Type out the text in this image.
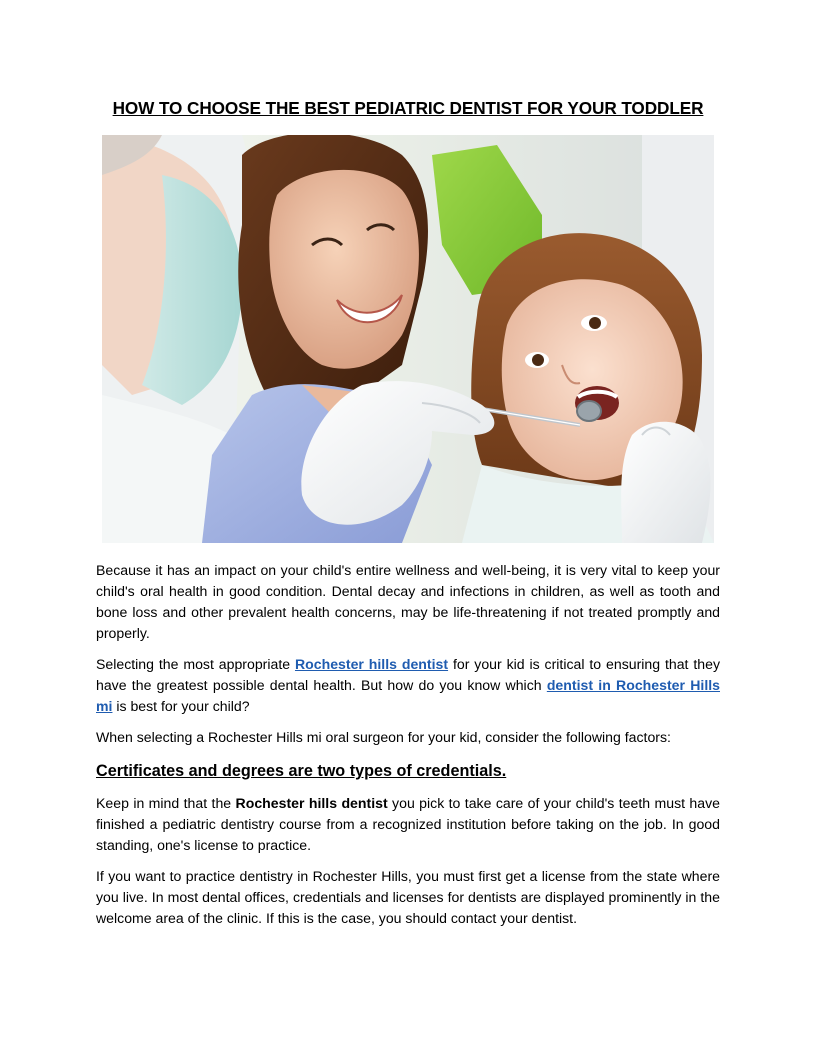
HOW TO CHOOSE THE BEST PEDIATRIC DENTIST FOR YOUR TODDLER

Because it has an impact on your child's entire wellness and well-being, it is very vital to keep your child's oral health in good condition. Dental decay and infections in children, as well as tooth and bone loss and other prevalent health concerns, may be life-threatening if not treated promptly and properly.

Selecting the most appropriate Rochester hills dentist for your kid is critical to ensuring that they have the greatest possible dental health. But how do you know which dentist in Rochester Hills mi is best for your child?

When selecting a Rochester Hills mi oral surgeon for your kid, consider the following factors:

Certificates and degrees are two types of credentials.

Keep in mind that the Rochester hills dentist you pick to take care of your child's teeth must have finished a pediatric dentistry course from a recognized institution before taking on the job. In good standing, one's license to practice.

If you want to practice dentistry in Rochester Hills, you must first get a license from the state where you live. In most dental offices, credentials and licenses for dentists are displayed prominently in the welcome area of the clinic. If this is the case, you should contact your dentist.
